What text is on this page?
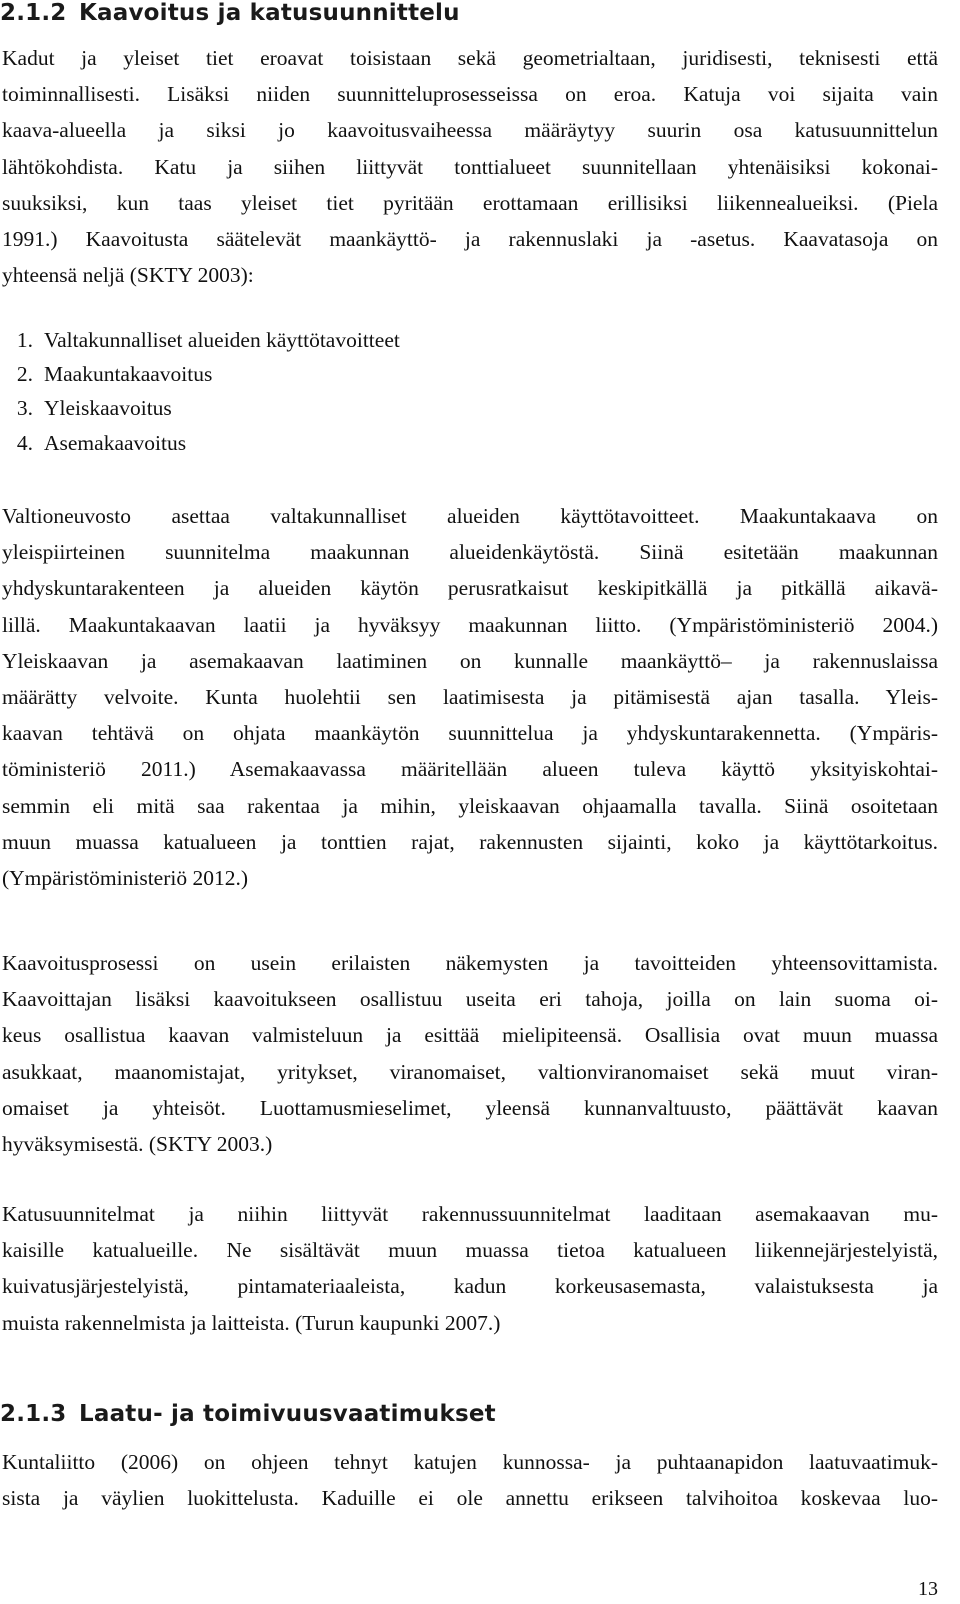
2.1.2 Kaavoitus ja katusuunnittelu
Kadut ja yleiset tiet eroavat toisistaan sekä geometrialtaan, juridisesti, teknisesti että
toiminnallisesti. Lisäksi niiden suunnitteluprosesseissa on eroa. Katuja voi sijaita vain
kaava-alueella ja siksi jo kaavoitusvaiheessa määräytyy suurin osa katusuunnittelun
lähtökohdista. Katu ja siihen liittyvät tonttialueet suunnitellaan yhtenäisiksi kokonai-
suuksiksi, kun taas yleiset tiet pyritään erottamaan erillisiksi liikennealueiksi. (Piela
1991.) Kaavoitusta säätelevät maankäyttö- ja rakennuslaki ja -asetus. Kaavatasoja on
yhteensä neljä (SKTY 2003):
1. Valtakunnalliset alueiden käyttötavoitteet
2. Maakuntakaavoitus
3. Yleiskaavoitus
4. Asemakaavoitus
Valtioneuvosto asettaa valtakunnalliset alueiden käyttötavoitteet. Maakuntakaava on
yleispiirteinen suunnitelma maakunnan alueidenkäytöstä. Siinä esitetään maakunnan
yhdyskuntarakenteen ja alueiden käytön perusratkaisut keskipitkällä ja pitkällä aikavä-
lillä. Maakuntakaavan laatii ja hyväksyy maakunnan liitto. (Ympäristöministeriö 2004.)
Yleiskaavan ja asemakaavan laatiminen on kunnalle maankäyttö– ja rakennuslaissa
määrätty velvoite. Kunta huolehtii sen laatimisesta ja pitämisestä ajan tasalla. Yleis-
kaavan tehtävä on ohjata maankäytön suunnittelua ja yhdyskuntarakennetta. (Ympäris-
töministeriö 2011.) Asemakaavassa määritellään alueen tuleva käyttö yksityiskohtai-
semmin eli mitä saa rakentaa ja mihin, yleiskaavan ohjaamalla tavalla. Siinä osoitetaan
muun muassa katualueen ja tonttien rajat, rakennusten sijainti, koko ja käyttötarkoitus.
(Ympäristöministeriö 2012.)
Kaavoitusprosessi on usein erilaisten näkemysten ja tavoitteiden yhteensovittamista.
Kaavoittajan lisäksi kaavoitukseen osallistuu useita eri tahoja, joilla on lain suoma oi-
keus osallistua kaavan valmisteluun ja esittää mielipiteensä. Osallisia ovat muun muassa
asukkaat, maanomistajat, yritykset, viranomaiset, valtionviranomaiset sekä muut viran-
omaiset ja yhteisöt. Luottamusmieselimet, yleensä kunnanvaltuusto, päättävät kaavan
hyväksymisestä. (SKTY 2003.)
Katusuunnitelmat ja niihin liittyvät rakennussuunnitelmat laaditaan asemakaavan mu-
kaisille katualueille. Ne sisältävät muun muassa tietoa katualueen liikennejärjestelyistä,
kuivatusjärjestelyistä, pintamateriaaleista, kadun korkeusasemasta, valaistuksesta ja
muista rakennelmista ja laitteista. (Turun kaupunki 2007.)
2.1.3 Laatu- ja toimivuusvaatimukset
Kuntaliitto (2006) on ohjeen tehnyt katujen kunnossa- ja puhtaanapidon laatuvaatimuk-
sista ja väylien luokittelusta. Kaduille ei ole annettu erikseen talvihoitoa koskevaa luo-
13
